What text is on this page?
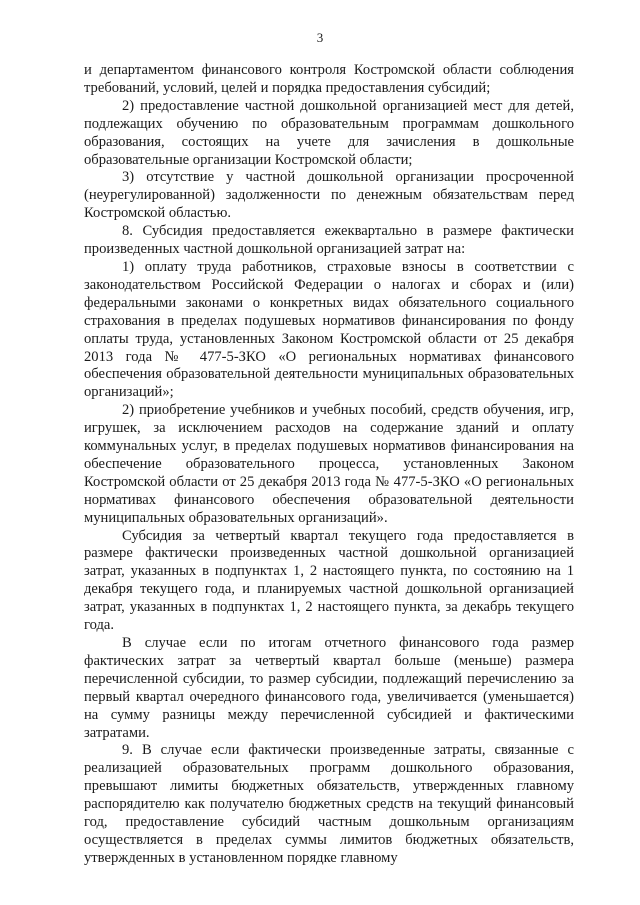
3

и департаментом финансового контроля Костромской области соблюдения требований, условий, целей и порядка предоставления субсидий;

2) предоставление частной дошкольной организацией мест для детей, подлежащих обучению по образовательным программам дошкольного образования, состоящих на учете для зачисления в дошкольные образовательные организации Костромской области;

3) отсутствие у частной дошкольной организации просроченной (неурегулированной) задолженности по денежным обязательствам перед Костромской областью.

8. Субсидия предоставляется ежеквартально в размере фактически произведенных частной дошкольной организацией затрат на:

1) оплату труда работников, страховые взносы в соответствии с законодательством Российской Федерации о налогах и сборах и (или) федеральными законами о конкретных видах обязательного социального страхования в пределах подушевых нормативов финансирования по фонду оплаты труда, установленных Законом Костромской области от 25 декабря 2013 года № 477-5-ЗКО «О региональных нормативах финансового обеспечения образовательной деятельности муниципальных образовательных организаций»;

2) приобретение учебников и учебных пособий, средств обучения, игр, игрушек, за исключением расходов на содержание зданий и оплату коммунальных услуг, в пределах подушевых нормативов финансирования на обеспечение образовательного процесса, установленных Законом Костромской области от 25 декабря 2013 года № 477-5-ЗКО «О региональных нормативах финансового обеспечения образовательной деятельности муниципальных образовательных организаций».

Субсидия за четвертый квартал текущего года предоставляется в размере фактически произведенных частной дошкольной организацией затрат, указанных в подпунктах 1, 2 настоящего пункта, по состоянию на 1 декабря текущего года, и планируемых частной дошкольной организацией затрат, указанных в подпунктах 1, 2 настоящего пункта, за декабрь текущего года.

В случае если по итогам отчетного финансового года размер фактических затрат за четвертый квартал больше (меньше) размера перечисленной субсидии, то размер субсидии, подлежащий перечислению за первый квартал очередного финансового года, увеличивается (уменьшается) на сумму разницы между перечисленной субсидией и фактическими затратами.

9. В случае если фактически произведенные затраты, связанные с реализацией образовательных программ дошкольного образования, превышают лимиты бюджетных обязательств, утвержденных главному распорядителю как получателю бюджетных средств на текущий финансовый год, предоставление субсидий частным дошкольным организациям осуществляется в пределах суммы лимитов бюджетных обязательств, утвержденных в установленном порядке главному
